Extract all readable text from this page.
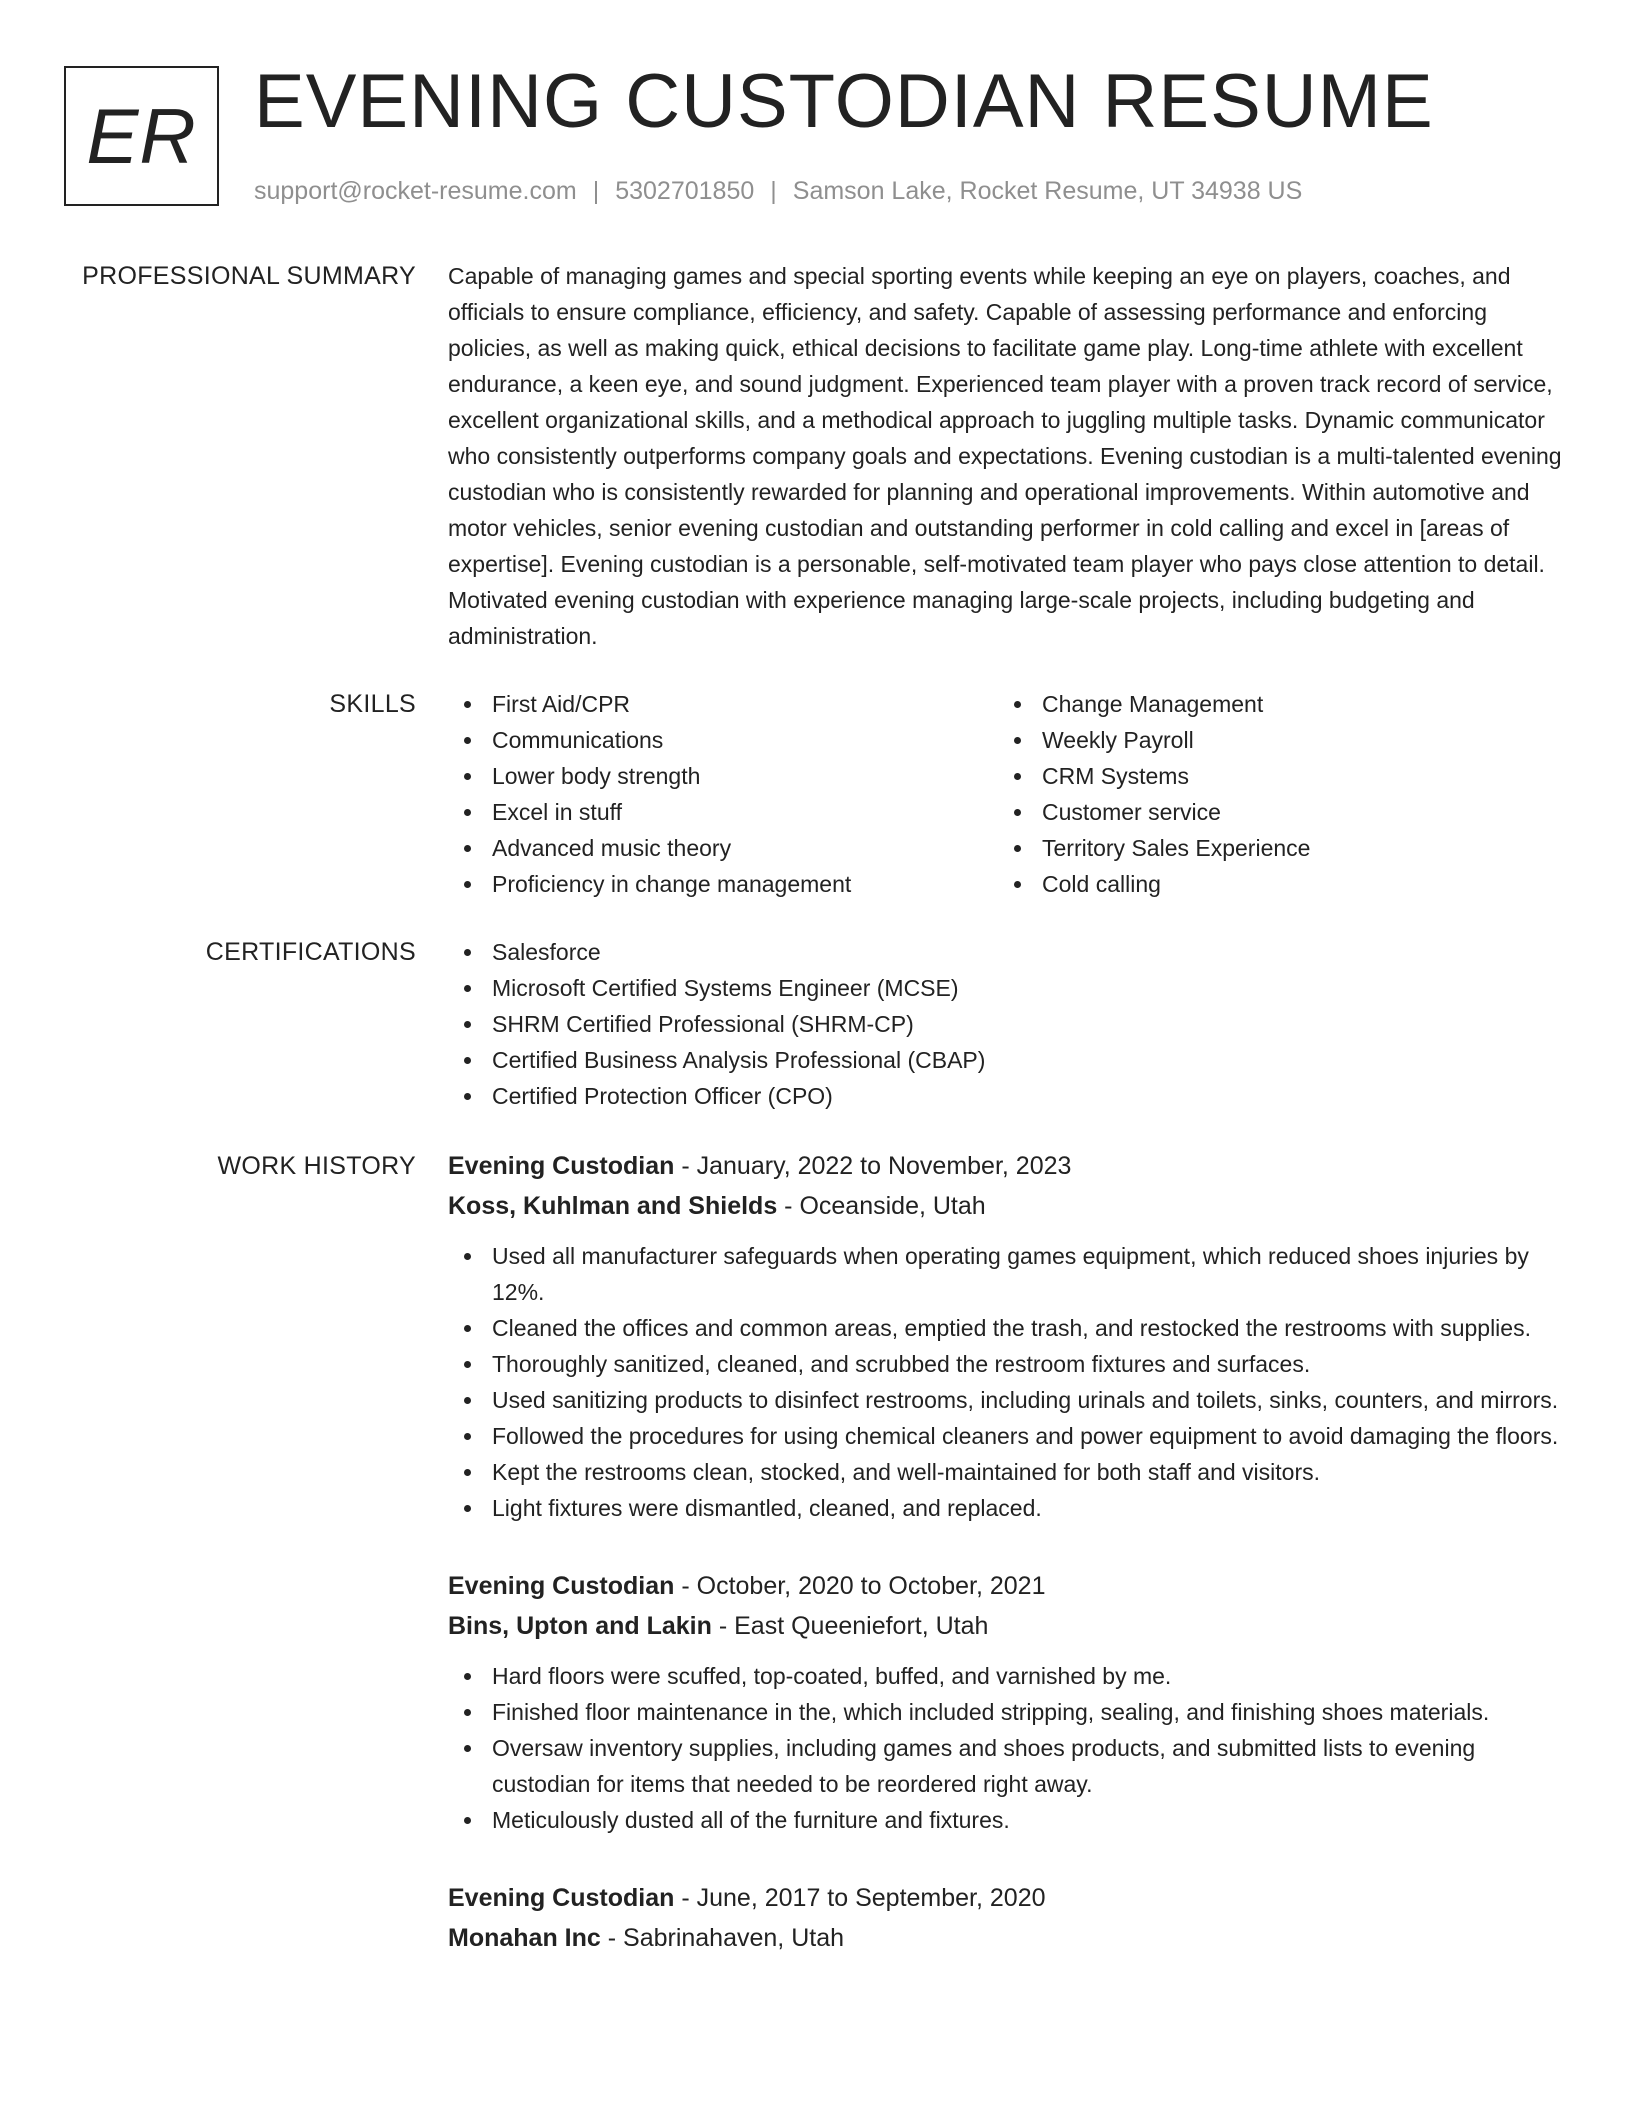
ER EVENING CUSTODIAN RESUME
support@rocket-resume.com | 5302701850 | Samson Lake, Rocket Resume, UT 34938 US
PROFESSIONAL SUMMARY Capable of managing games and special sporting events while keeping an eye on players, coaches, and officials to ensure compliance, efficiency, and safety. Capable of assessing performance and enforcing policies, as well as making quick, ethical decisions to facilitate game play. Long-time athlete with excellent endurance, a keen eye, and sound judgment. Experienced team player with a proven track record of service, excellent organizational skills, and a methodical approach to juggling multiple tasks. Dynamic communicator who consistently outperforms company goals and expectations. Evening custodian is a multi-talented evening custodian who is consistently rewarded for planning and operational improvements. Within automotive and motor vehicles, senior evening custodian and outstanding performer in cold calling and excel in [areas of expertise]. Evening custodian is a personable, self-motivated team player who pays close attention to detail. Motivated evening custodian with experience managing large-scale projects, including budgeting and administration.

SKILLS	First Aid/CPR
Communications
Lower body strength
Excel in stuff
Advanced music theory
Proficiency in change management
Change Management
Weekly Payroll
CRM Systems
Customer service
Territory Sales Experience
Cold calling
CERTIFICATIONS	Salesforce
Microsoft Certified Systems Engineer (MCSE)
SHRM Certified Professional (SHRM-CP)
Certified Business Analysis Professional (CBAP)
Certified Protection Officer (CPO)
WORK HISTORY Evening Custodian - January, 2022 to November, 2023
Koss, Kuhlman and Shields - Oceanside, Utah
Used all manufacturer safeguards when operating games equipment, which reduced shoes injuries by 12%.
Cleaned the offices and common areas, emptied the trash, and restocked the restrooms with supplies.
Thoroughly sanitized, cleaned, and scrubbed the restroom fixtures and surfaces.
Used sanitizing products to disinfect restrooms, including urinals and toilets, sinks, counters, and mirrors.
Followed the procedures for using chemical cleaners and power equipment to avoid damaging the floors.
Kept the restrooms clean, stocked, and well-maintained for both staff and visitors.
Light fixtures were dismantled, cleaned, and replaced.
Evening Custodian - October, 2020 to October, 2021
Bins, Upton and Lakin - East Queeniefort, Utah
Hard floors were scuffed, top-coated, buffed, and varnished by me.
Finished floor maintenance in the, which included stripping, sealing, and finishing shoes materials.
Oversaw inventory supplies, including games and shoes products, and submitted lists to evening custodian for items that needed to be reordered right away.
Meticulously dusted all of the furniture and fixtures.
Evening Custodian - June, 2017 to September, 2020
Monahan Inc - Sabrinahaven, Utah
